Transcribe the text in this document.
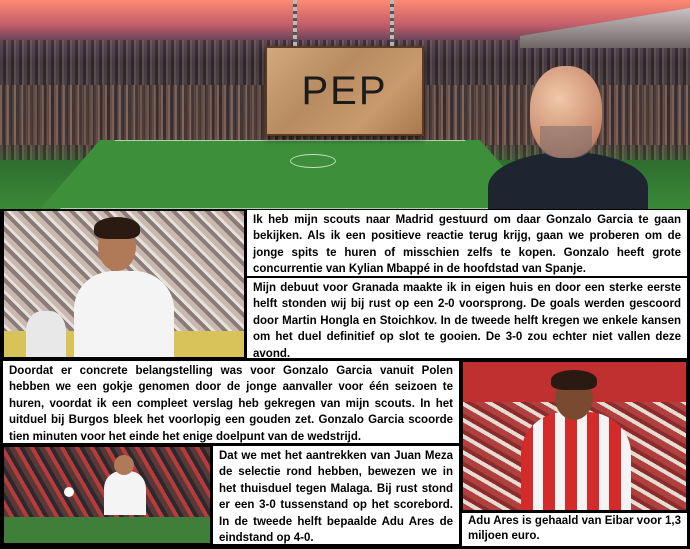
PEP
Ik heb mijn scouts naar Madrid gestuurd om daar Gonzalo Garcia te gaan bekijken. Als ik een positieve reactie terug krijg, gaan we proberen om de jonge spits te huren of misschien zelfs te kopen. Gonzalo heeft grote concurrentie van Kylian Mbappé in de hoofdstad van Spanje.
Mijn debuut voor Granada maakte ik in eigen huis en door een sterke eerste helft stonden wij bij rust op een 2-0 voorsprong. De goals werden gescoord door Martin Hongla en Stoichkov. In de tweede helft kregen we enkele kansen om het duel definitief op slot te gooien. De 3-0 zou echter niet vallen deze avond.
Doordat er concrete belangstelling was voor Gonzalo Garcia vanuit Polen hebben we een gokje genomen door de jonge aanvaller voor één seizoen te huren, voordat ik een compleet verslag heb gekregen van mijn scouts. In het uitduel bij Burgos bleek het voorlopig een gouden zet. Gonzalo Garcia scoorde tien minuten voor het einde het enige doelpunt van de wedstrijd.
Dat we met het aantrekken van Juan Meza de selectie rond hebben, bewezen we in het thuisduel tegen Malaga. Bij rust stond er een 3-0 tussenstand op het scorebord. In de tweede helft bepaalde Adu Ares de eindstand op 4-0.
Adu Ares is gehaald van Eibar voor 1,3 miljoen euro.
